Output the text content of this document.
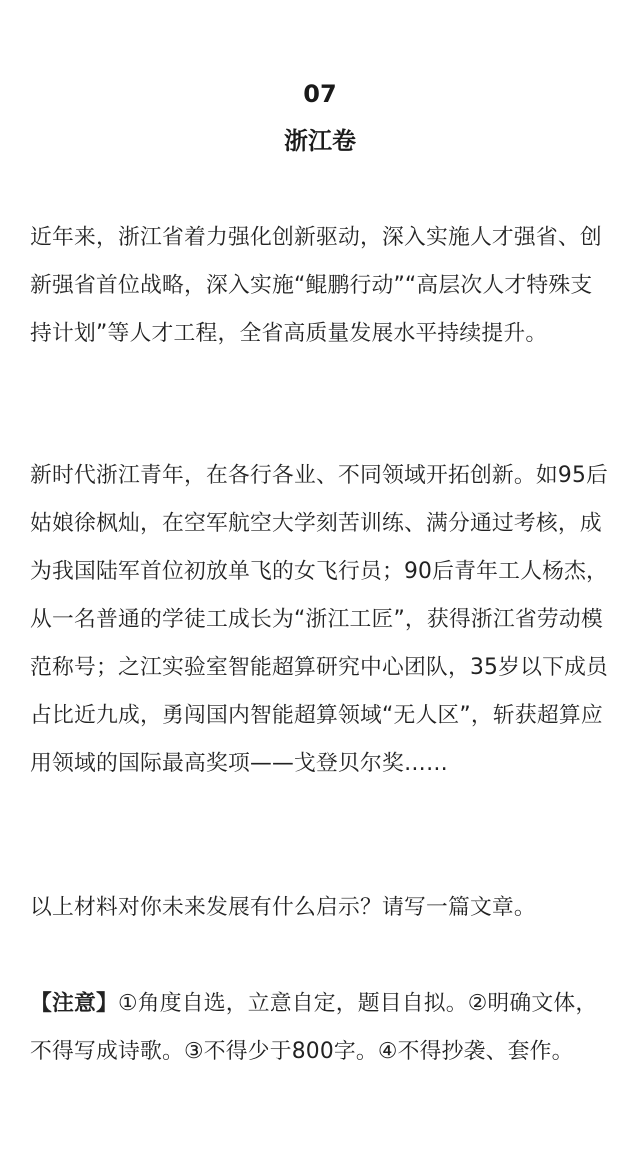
07
浙江卷

近年来，浙江省着力强化创新驱动，深入实施人才强省、创新强省首位战略，深入实施“鲲鹏行动”“高层次人才特殊支持计划”等人才工程，全省高质量发展水平持续提升。

新时代浙江青年，在各行各业、不同领域开拓创新。如95后姑娘徐枫灿，在空军航空大学刻苦训练、满分通过考核，成为我国陆军首位初放单飞的女飞行员；90后青年工人杨杰，从一名普通的学徒工成长为“浙江工匠”，获得浙江省劳动模范称号；之江实验室智能超算研究中心团队，35岁以下成员占比近九成，勇闯国内智能超算领域“无人区”，斩获超算应用领域的国际最高奖项——戈登贝尔奖……

以上材料对你未来发展有什么启示？请写一篇文章。

【注意】①角度自选，立意自定，题目自拟。②明确文体，不得写成诗歌。③不得少于800字。④不得抄袭、套作。
